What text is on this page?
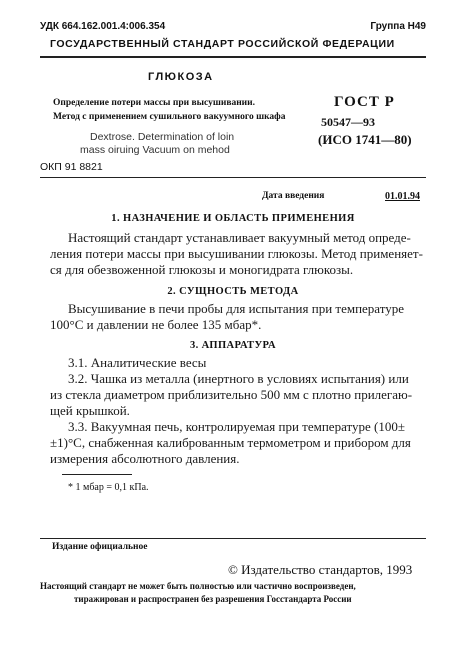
УДК 664.162.001.4:006.354	Группа Н49
ГОСУДАРСТВЕННЫЙ СТАНДАРТ РОССИЙСКОЙ ФЕДЕРАЦИИ
ГЛЮКОЗА
Определение потери массы при высушивании.
Метод с применением сушильного вакуумного шкафа
Dextrose. Determination of loin
mass oiruing Vacuum on mehod
ГОСТ Р
50547—93
(ИСО 1741—80)
ОКП 91 8821
Дата введения	01.01.94
1. НАЗНАЧЕНИЕ И ОБЛАСТЬ ПРИМЕНЕНИЯ
Настоящий стандарт устанавливает вакуумный метод опреде-
ления потери массы при высушивании глюкозы. Метод применяет-
ся для обезвоженной глюкозы и моногидрата глюкозы.
2. СУЩНОСТЬ МЕТОДА
Высушивание в печи пробы для испытания при температуре
100°С и давлении не более 135 мбар*.
3. АППАРАТУРА
3.1. Аналитические весы
3.2. Чашка из металла (инертного в условиях испытания) или
из стекла диаметром приблизительно 500 мм с плотно прилегаю-
щей крышкой.
3.3. Вакуумная печь, контролируемая при температуре (100±
±1)°С, снабженная калиброванным термометром и прибором для
измерения абсолютного давления.
* 1 мбар = 0,1 кПа.
Издание официальное
© Издательство стандартов, 1993
Настоящий стандарт не может быть полностью или частично воспроизведен,
тиражирован и распространен без разрешения Госстандарта России
